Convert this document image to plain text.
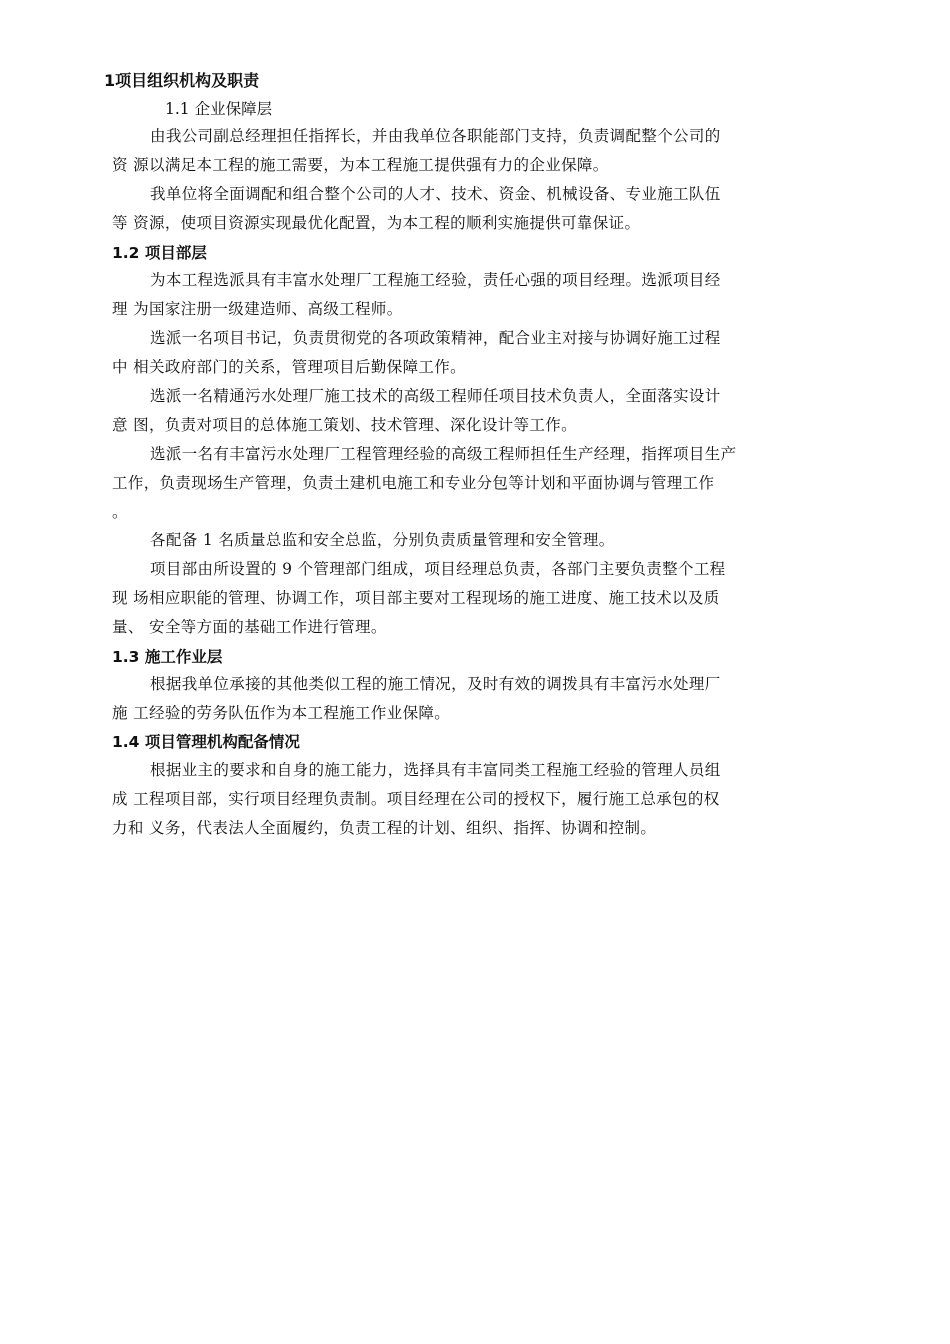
1项目组织机构及职责
1.1 企业保障层
由我公司副总经理担任指挥长，并由我单位各职能部门支持，负责调配整个公司的
资 源以满足本工程的施工需要，为本工程施工提供强有力的企业保障。
我单位将全面调配和组合整个公司的人才、技术、资金、机械设备、专业施工队伍
等 资源，使项目资源实现最优化配置，为本工程的顺利实施提供可靠保证。
1.2 项目部层
为本工程选派具有丰富水处理厂工程施工经验，责任心强的项目经理。选派项目经
理 为国家注册一级建造师、高级工程师。
选派一名项目书记，负责贯彻党的各项政策精神，配合业主对接与协调好施工过程
中 相关政府部门的关系，管理项目后勤保障工作。
选派一名精通污水处理厂施工技术的高级工程师任项目技术负责人，全面落实设计
意 图，负责对项目的总体施工策划、技术管理、深化设计等工作。
选派一名有丰富污水处理厂工程管理经验的高级工程师担任生产经理，指挥项目生产
工作，负责现场生产管理，负责土建机电施工和专业分包等计划和平面协调与管理工作
。
各配备 1 名质量总监和安全总监，分别负责质量管理和安全管理。
项目部由所设置的 9 个管理部门组成，项目经理总负责，各部门主要负责整个工程
现 场相应职能的管理、协调工作，项目部主要对工程现场的施工进度、施工技术以及质
量、 安全等方面的基础工作进行管理。
1.3 施工作业层
根据我单位承接的其他类似工程的施工情况，及时有效的调拨具有丰富污水处理厂
施 工经验的劳务队伍作为本工程施工作业保障。
1.4 项目管理机构配备情况
根据业主的要求和自身的施工能力，选择具有丰富同类工程施工经验的管理人员组
成 工程项目部，实行项目经理负责制。项目经理在公司的授权下，履行施工总承包的权
力和 义务，代表法人全面履约，负责工程的计划、组织、指挥、协调和控制。
